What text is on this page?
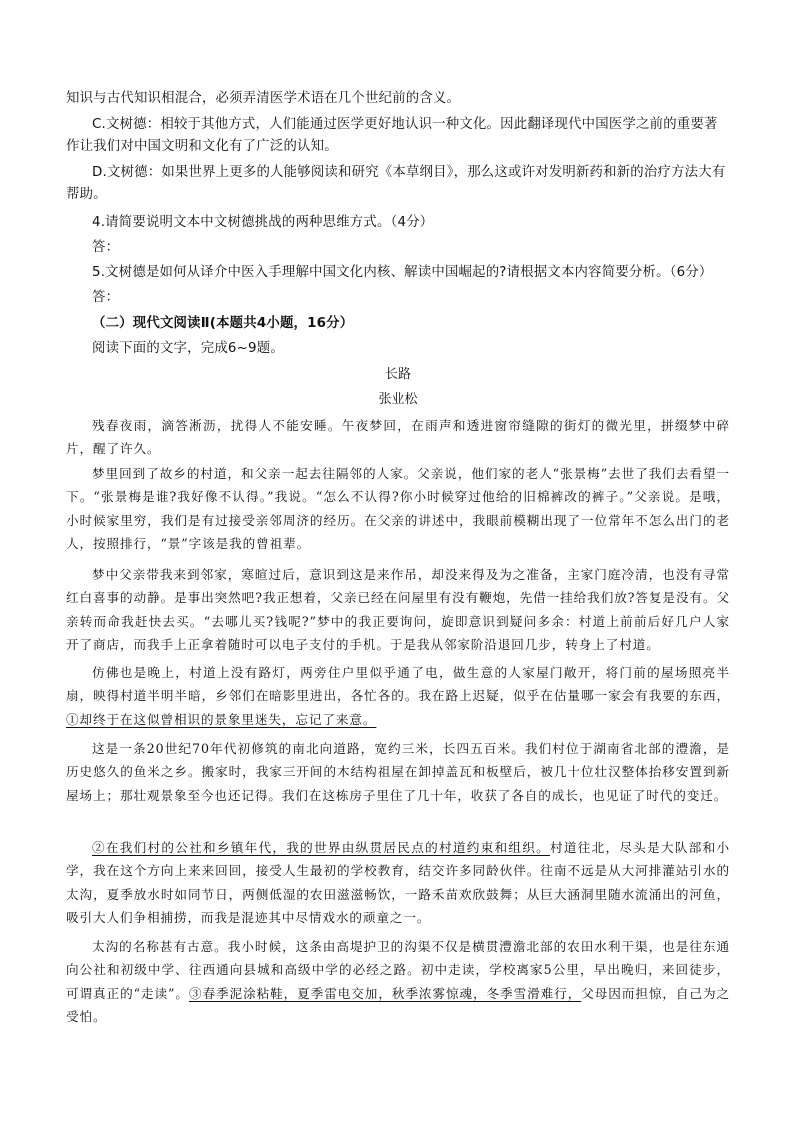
知识与古代知识相混合，必须弄清医学术语在几个世纪前的含义。

C.文树德：相较于其他方式，人们能通过医学更好地认识一种文化。因此翻译现代中国医学之前的重要著作让我们对中国文明和文化有了广泛的认知。

D.文树德：如果世界上更多的人能够阅读和研究《本草纲目》，那么这或许对发明新药和新的治疗方法大有帮助。

4.请简要说明文本中文树德挑战的两种思维方式。（4分）

答：

5.文树德是如何从译介中医入手理解中国文化内核、解读中国崛起的?请根据文本内容简要分析。（6分）

答：

（二）现代文阅读Ⅱ(本题共4小题，16分）

阅读下面的文字，完成6~9题。

长路

张业松

残春夜雨，滴答淅沥，扰得人不能安睡。午夜梦回，在雨声和透进窗帘缝隙的街灯的微光里，拼缀梦中碎片，醒了许久。

梦里回到了故乡的村道，和父亲一起去往隔邻的人家。父亲说，他们家的老人“张景梅”去世了我们去看望一下。“张景梅是谁?我好像不认得。”我说。“怎么不认得?你小时候穿过他给的旧棉裤改的裤子。”父亲说。是哦，小时候家里穷，我们是有过接受亲邻周济的经历。在父亲的讲述中，我眼前模糊出现了一位常年不怎么出门的老人，按照排行，“景”字该是我的曾祖辈。

梦中父亲带我来到邻家，寒暄过后，意识到这是来作吊，却没来得及为之准备，主家门庭冷清，也没有寻常红白喜事的动静。是事出突然吧?我正想着，父亲已经在问屋里有没有鞭炮，先借一挂给我们放?答复是没有。父亲转而命我赶快去买。“去哪儿买?钱呢?”梦中的我正要询问，旋即意识到疑问多余：村道上前前后好几户人家开了商店，而我手上正拿着随时可以电子支付的手机。于是我从邻家阶沿退回几步，转身上了村道。

仿佛也是晚上，村道上没有路灯，两旁住户里似乎通了电，做生意的人家屋门敞开，将门前的屋场照亮半扇，映得村道半明半暗，乡邻们在暗影里进出，各忙各的。我在路上迟疑，似乎在估量哪一家会有我要的东西，①却终于在这似曾相识的景象里迷失，忘记了来意。

这是一条20世纪70年代初修筑的南北向道路，宽约三米，长四五百米。我们村位于湖南省北部的澧澹，是历史悠久的鱼米之乡。搬家时，我家三开间的木结构祖屋在卸掉盖瓦和板壁后，被几十位壮汉整体抬移安置到新屋场上；那壮观景象至今也还记得。我们在这栋房子里住了几十年，收获了各自的成长，也见证了时代的变迁。

②在我们村的公社和乡镇年代，我的世界由纵贯居民点的村道约束和组织。村道往北，尽头是大队部和小学，我在这个方向上来来回回，接受人生最初的学校教育，结交许多同龄伙伴。往南不远是从大河排灌站引水的太沟，夏季放水时如同节日，两侧低湿的农田滋滋畅饮，一路禾苗欢欣鼓舞；从巨大涵洞里随水流涌出的河鱼，吸引大人们争相捕捞，而我是混迹其中尽情戏水的顽童之一。

太沟的名称甚有古意。我小时候，这条由高堤护卫的沟渠不仅是横贯澧澹北部的农田水利干渠，也是往东通向公社和初级中学、往西通向县城和高级中学的必经之路。初中走读，学校离家5公里，早出晚归，来回徒步，可谓真正的“走读”。③春季泥涂粘鞋，夏季雷电交加，秋季浓雾惊魂，冬季雪滑难行，父母因而担惊，自己为之受怕。
